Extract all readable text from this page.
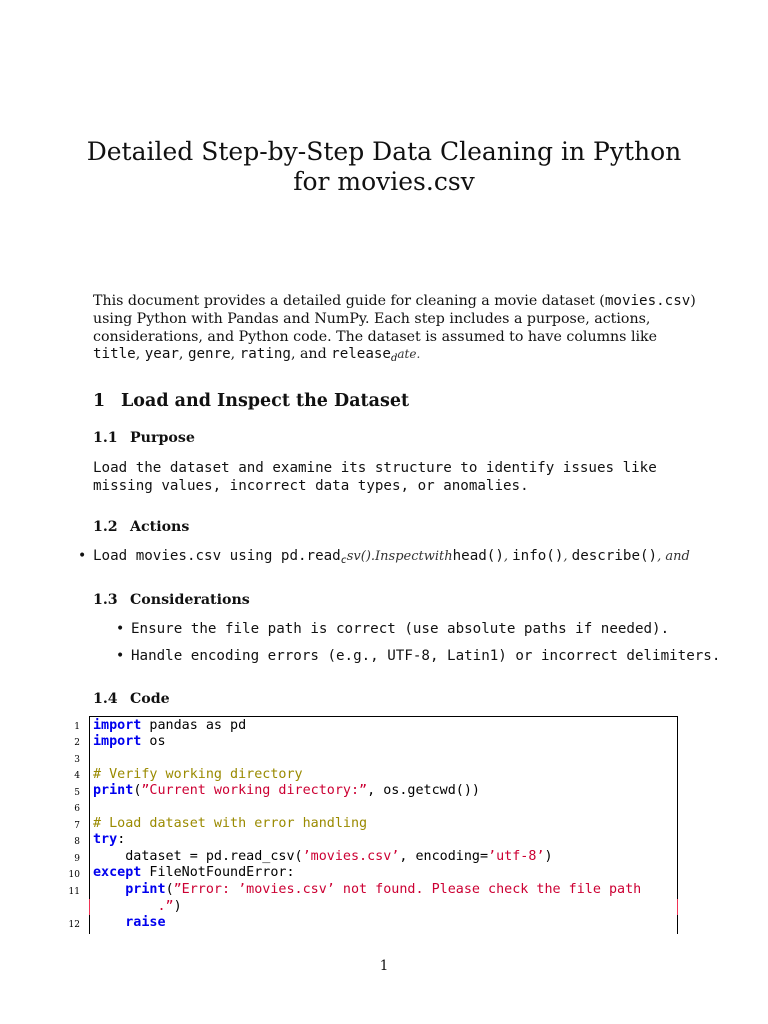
Detailed Step-by-Step Data Cleaning in Python
for movies.csv
This document provides a detailed guide for cleaning a movie dataset (movies.csv)
using Python with Pandas and NumPy. Each step includes a purpose, actions,
considerations, and Python code. The dataset is assumed to have columns like
title, year, genre, rating, and release$_d$ate.
1 Load and Inspect the Dataset
1.1 Purpose
Load the dataset and examine its structure to identify issues like
missing values, incorrect data types, or anomalies.
1.2 Actions
• Load movies.csv using pd.read$_c$sv().Inspectwithhead(), info(), describe(), and
1.3 Considerations
• Ensure the file path is correct (use absolute paths if needed).
• Handle encoding errors (e.g., UTF-8, Latin1) or incorrect delimiters.
1.4 Code
1
2
3
4
5
6
7
8
9
10
11
12
import pandas as pd
import os
# Verify working directory
print(”Current working directory:”, os.getcwd())
# Load dataset with error handling
try:
dataset = pd.read_csv(’movies.csv’, encoding=’utf-8’)
except FileNotFoundError:
print(”Error: ’movies.csv’ not found. Please check the file path
.”)
raise
1
